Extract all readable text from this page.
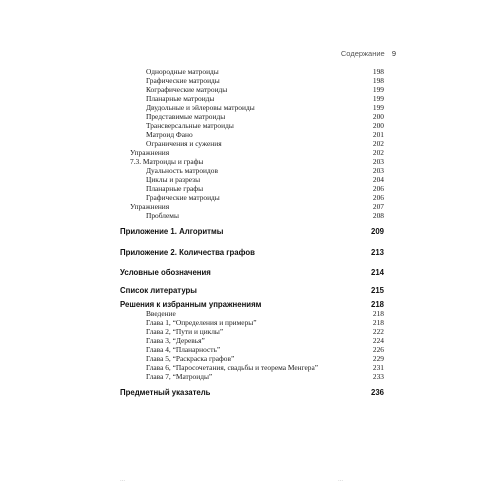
Содержание 9
Однородные матроиды	198
Графические матроиды	198
Кографические матроиды	199
Планарные матроиды	199
Двудольные и эйлеровы матроиды	199
Представимые матроиды	200
Трансверсальные матроиды	200
Матроид Фано	201
Ограничения и сужения	202
Упражнения	202
7.3. Матроиды и графы	203
Дуальность матроидов	203
Циклы и разрезы	204
Планарные графы	206
Графические матроиды	206
Упражнения	207
Проблемы	208
Приложение 1. Алгоритмы	209
Приложение 2. Количества графов	213
Условные обозначения	214
Список литературы	215
Решения к избранным упражнениям	218
Введение	218
Глава 1, “Определения и примеры”	218
Глава 2, “Пути и циклы”	222
Глава 3, “Деревья”	224
Глава 4, “Планарность”	226
Глава 5, “Раскраска графов”	229
Глава 6, “Паросочетания, свадьбы и теорема Менгера”	231
Глава 7, “Матроиды”	233
Предметный указатель	236
...	...
